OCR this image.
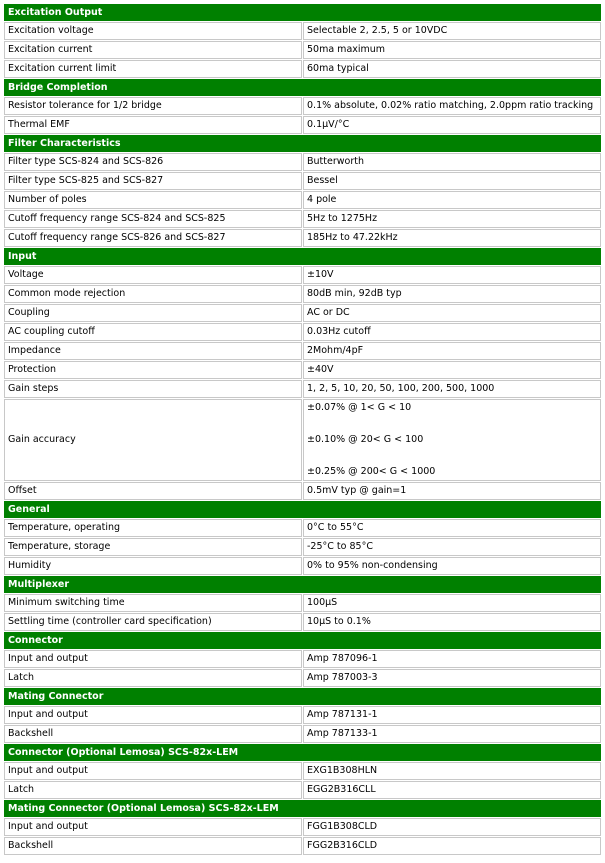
Excitation Output	
Excitation voltage	Selectable 2, 2.5, 5 or 10VDC
Excitation current	50ma maximum
Excitation current limit	60ma typical
Bridge Completion	
Resistor tolerance for 1/2 bridge	0.1% absolute, 0.02% ratio matching, 2.0ppm ratio tracking
Thermal EMF	0.1µV/°C
Filter Characteristics	
Filter type SCS-824 and SCS-826	Butterworth
Filter type SCS-825 and SCS-827	Bessel
Number of poles	4 pole
Cutoff frequency range SCS-824 and SCS-825	5Hz to 1275Hz
Cutoff frequency range SCS-826 and SCS-827	185Hz to 47.22kHz
Input	
Voltage	±10V
Common mode rejection	80dB min, 92dB typ
Coupling	AC or DC
AC coupling cutoff	0.03Hz cutoff
Impedance	2Mohm/4pF
Protection	±40V
Gain steps	1, 2, 5, 10, 20, 50, 100, 200, 500, 1000
Gain accuracy	±0.07% @ 1< G < 10
±0.10% @ 20< G < 100
±0.25% @ 200< G < 1000

Offset	0.5mV typ @ gain=1
General	
Temperature, operating	0°C to 55°C
Temperature, storage	-25°C to 85°C
Humidity	0% to 95% non-condensing
Multiplexer	
Minimum switching time	100µS
Settling time (controller card specification)	10µS to 0.1%
Connector	
Input and output	Amp 787096-1
Latch	Amp 787003-3
Mating Connector	
Input and output	Amp 787131-1
Backshell	Amp 787133-1
Connector (Optional Lemosa) SCS-82x-LEM	
Input and output	EXG1B308HLN
Latch	EGG2B316CLL
Mating Connector (Optional Lemosa) SCS-82x-LEM	
Input and output	FGG1B308CLD
Backshell	FGG2B316CLD
